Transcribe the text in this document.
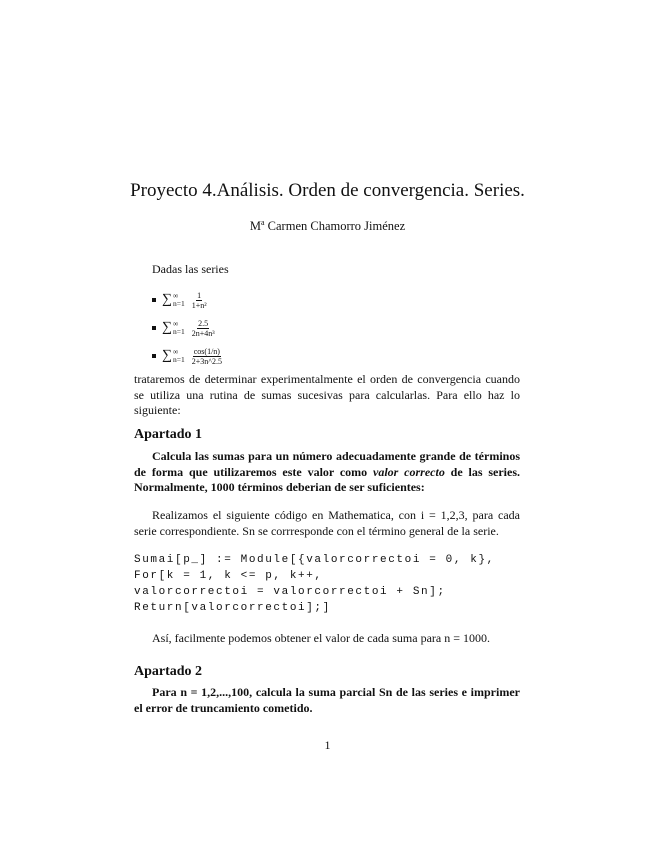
Proyecto 4.Análisis. Orden de convergencia. Series.
$M^a$ Carmen Chamorro Jiménez
Dadas las series
∑ ∞
$n=1 \frac{1}{\text{1+n²}}$
∑ ∞
$n=1 \frac{2.5}{\text{2n+4n³}}$
∑ ∞
$n=1 \frac{\cos(1/n)}{2+3n\^{}2.5}$
trataremos de determinar experimentalmente el orden de convergencia cuando se utiliza una rutina de sumas sucesivas para calcularlas. Para ello haz lo siguiente:
Apartado 1
Calcula las sumas para un número adecuadamente grande de términos de forma que utilizaremos este valor como valor correcto de las series. Normalmente, 1000 términos deberian de ser suficientes:
Realizamos el siguiente código en Mathematica, con i = 1,2,3, para cada serie correspondiente. Sn se corrresponde con el término general de la serie.
Sumai[p_] := Module[{valorcorrectoi = 0, k},
For[k = 1, k <= p, k++,
valorcorrectoi = valorcorrectoi + Sn];
Return[valorcorrectoi];]
Así, facilmente podemos obtener el valor de cada suma para n = 1000.
Apartado 2
Para n = 1,2,...,100, calcula la suma parcial Sn de las series e imprimer el error de truncamiento cometido.
1
